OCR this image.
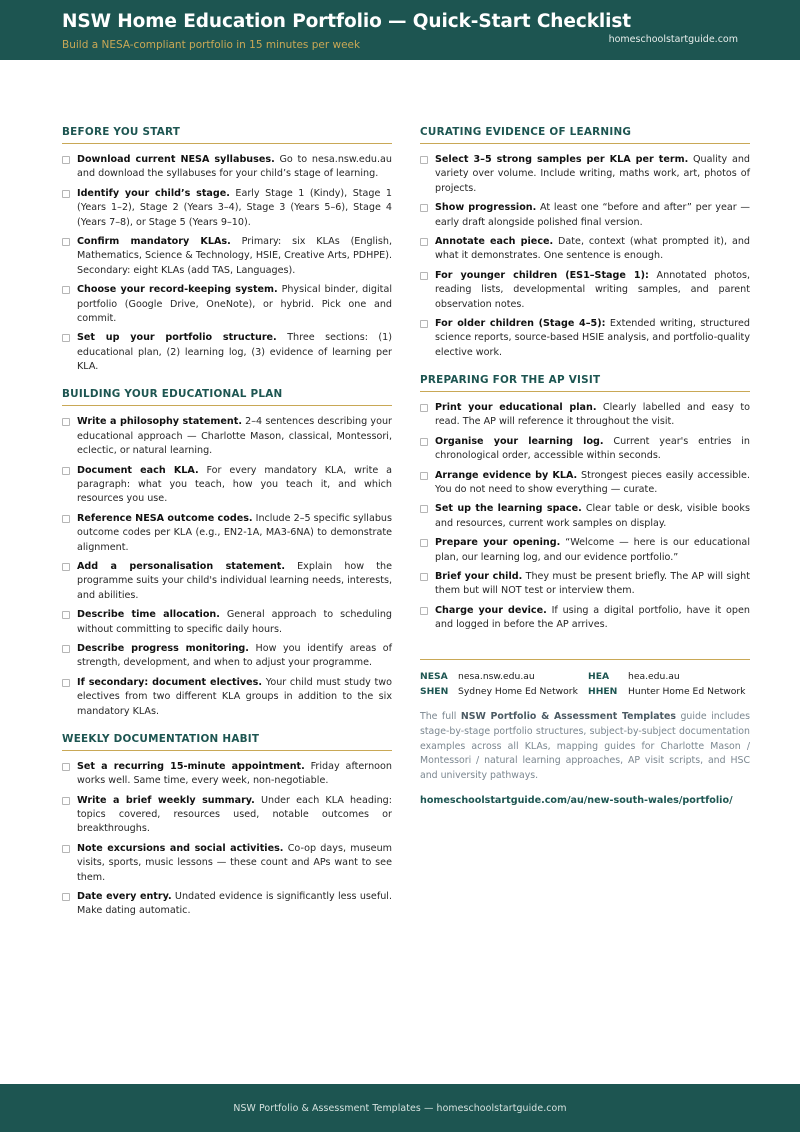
NSW Home Education Portfolio — Quick-Start Checklist
Build a NESA-compliant portfolio in 15 minutes per week	homeschoolstartguide.com
BEFORE YOU START
Download current NESA syllabuses. Go to nesa.nsw.edu.au and download the syllabuses for your child’s stage of learning.
Identify your child’s stage. Early Stage 1 (Kindy), Stage 1 (Years 1–2), Stage 2 (Years 3–4), Stage 3 (Years 5–6), Stage 4 (Years 7–8), or Stage 5 (Years 9–10).
Confirm mandatory KLAs. Primary: six KLAs (English, Mathematics, Science & Technology, HSIE, Creative Arts, PDHPE). Secondary: eight KLAs (add TAS, Languages).
Choose your record-keeping system. Physical binder, digital portfolio (Google Drive, OneNote), or hybrid. Pick one and commit.
Set up your portfolio structure. Three sections: (1) educational plan, (2) learning log, (3) evidence of learning per KLA.
BUILDING YOUR EDUCATIONAL PLAN
Write a philosophy statement. 2–4 sentences describing your educational approach — Charlotte Mason, classical, Montessori, eclectic, or natural learning.
Document each KLA. For every mandatory KLA, write a paragraph: what you teach, how you teach it, and which resources you use.
Reference NESA outcome codes. Include 2–5 specific syllabus outcome codes per KLA (e.g., EN2-1A, MA3-6NA) to demonstrate alignment.
Add a personalisation statement. Explain how the programme suits your child's individual learning needs, interests, and abilities.
Describe time allocation. General approach to scheduling without committing to specific daily hours.
Describe progress monitoring. How you identify areas of strength, development, and when to adjust your programme.
If secondary: document electives. Your child must study two electives from two different KLA groups in addition to the six mandatory KLAs.
WEEKLY DOCUMENTATION HABIT
Set a recurring 15-minute appointment. Friday afternoon works well. Same time, every week, non-negotiable.
Write a brief weekly summary. Under each KLA heading: topics covered, resources used, notable outcomes or breakthroughs.
Note excursions and social activities. Co-op days, museum visits, sports, music lessons — these count and APs want to see them.
Date every entry. Undated evidence is significantly less useful. Make dating automatic.
CURATING EVIDENCE OF LEARNING
Select 3–5 strong samples per KLA per term. Quality and variety over volume. Include writing, maths work, art, photos of projects.
Show progression. At least one “before and after” per year — early draft alongside polished final version.
Annotate each piece. Date, context (what prompted it), and what it demonstrates. One sentence is enough.
For younger children (ES1–Stage 1): Annotated photos, reading lists, developmental writing samples, and parent observation notes.
For older children (Stage 4–5): Extended writing, structured science reports, source-based HSIE analysis, and portfolio-quality elective work.
PREPARING FOR THE AP VISIT
Print your educational plan. Clearly labelled and easy to read. The AP will reference it throughout the visit.
Organise your learning log. Current year's entries in chronological order, accessible within seconds.
Arrange evidence by KLA. Strongest pieces easily accessible. You do not need to show everything — curate.
Set up the learning space. Clear table or desk, visible books and resources, current work samples on display.
Prepare your opening. “Welcome — here is our educational plan, our learning log, and our evidence portfolio.”
Brief your child. They must be present briefly. The AP will sight them but will NOT test or interview them.
Charge your device. If using a digital portfolio, have it open and logged in before the AP arrives.
NESA	nesa.nsw.edu.au	HEA	hea.edu.au
SHEN	Sydney Home Ed Network	HHEN	Hunter Home Ed Network

The full NSW Portfolio & Assessment Templates guide includes stage-by-stage portfolio structures, subject-by-subject documentation examples across all KLAs, mapping guides for Charlotte Mason / Montessori / natural learning approaches, AP visit scripts, and HSC and university pathways.

homeschoolstartguide.com/au/new-south-wales/portfolio/
NSW Portfolio & Assessment Templates — homeschoolstartguide.com
